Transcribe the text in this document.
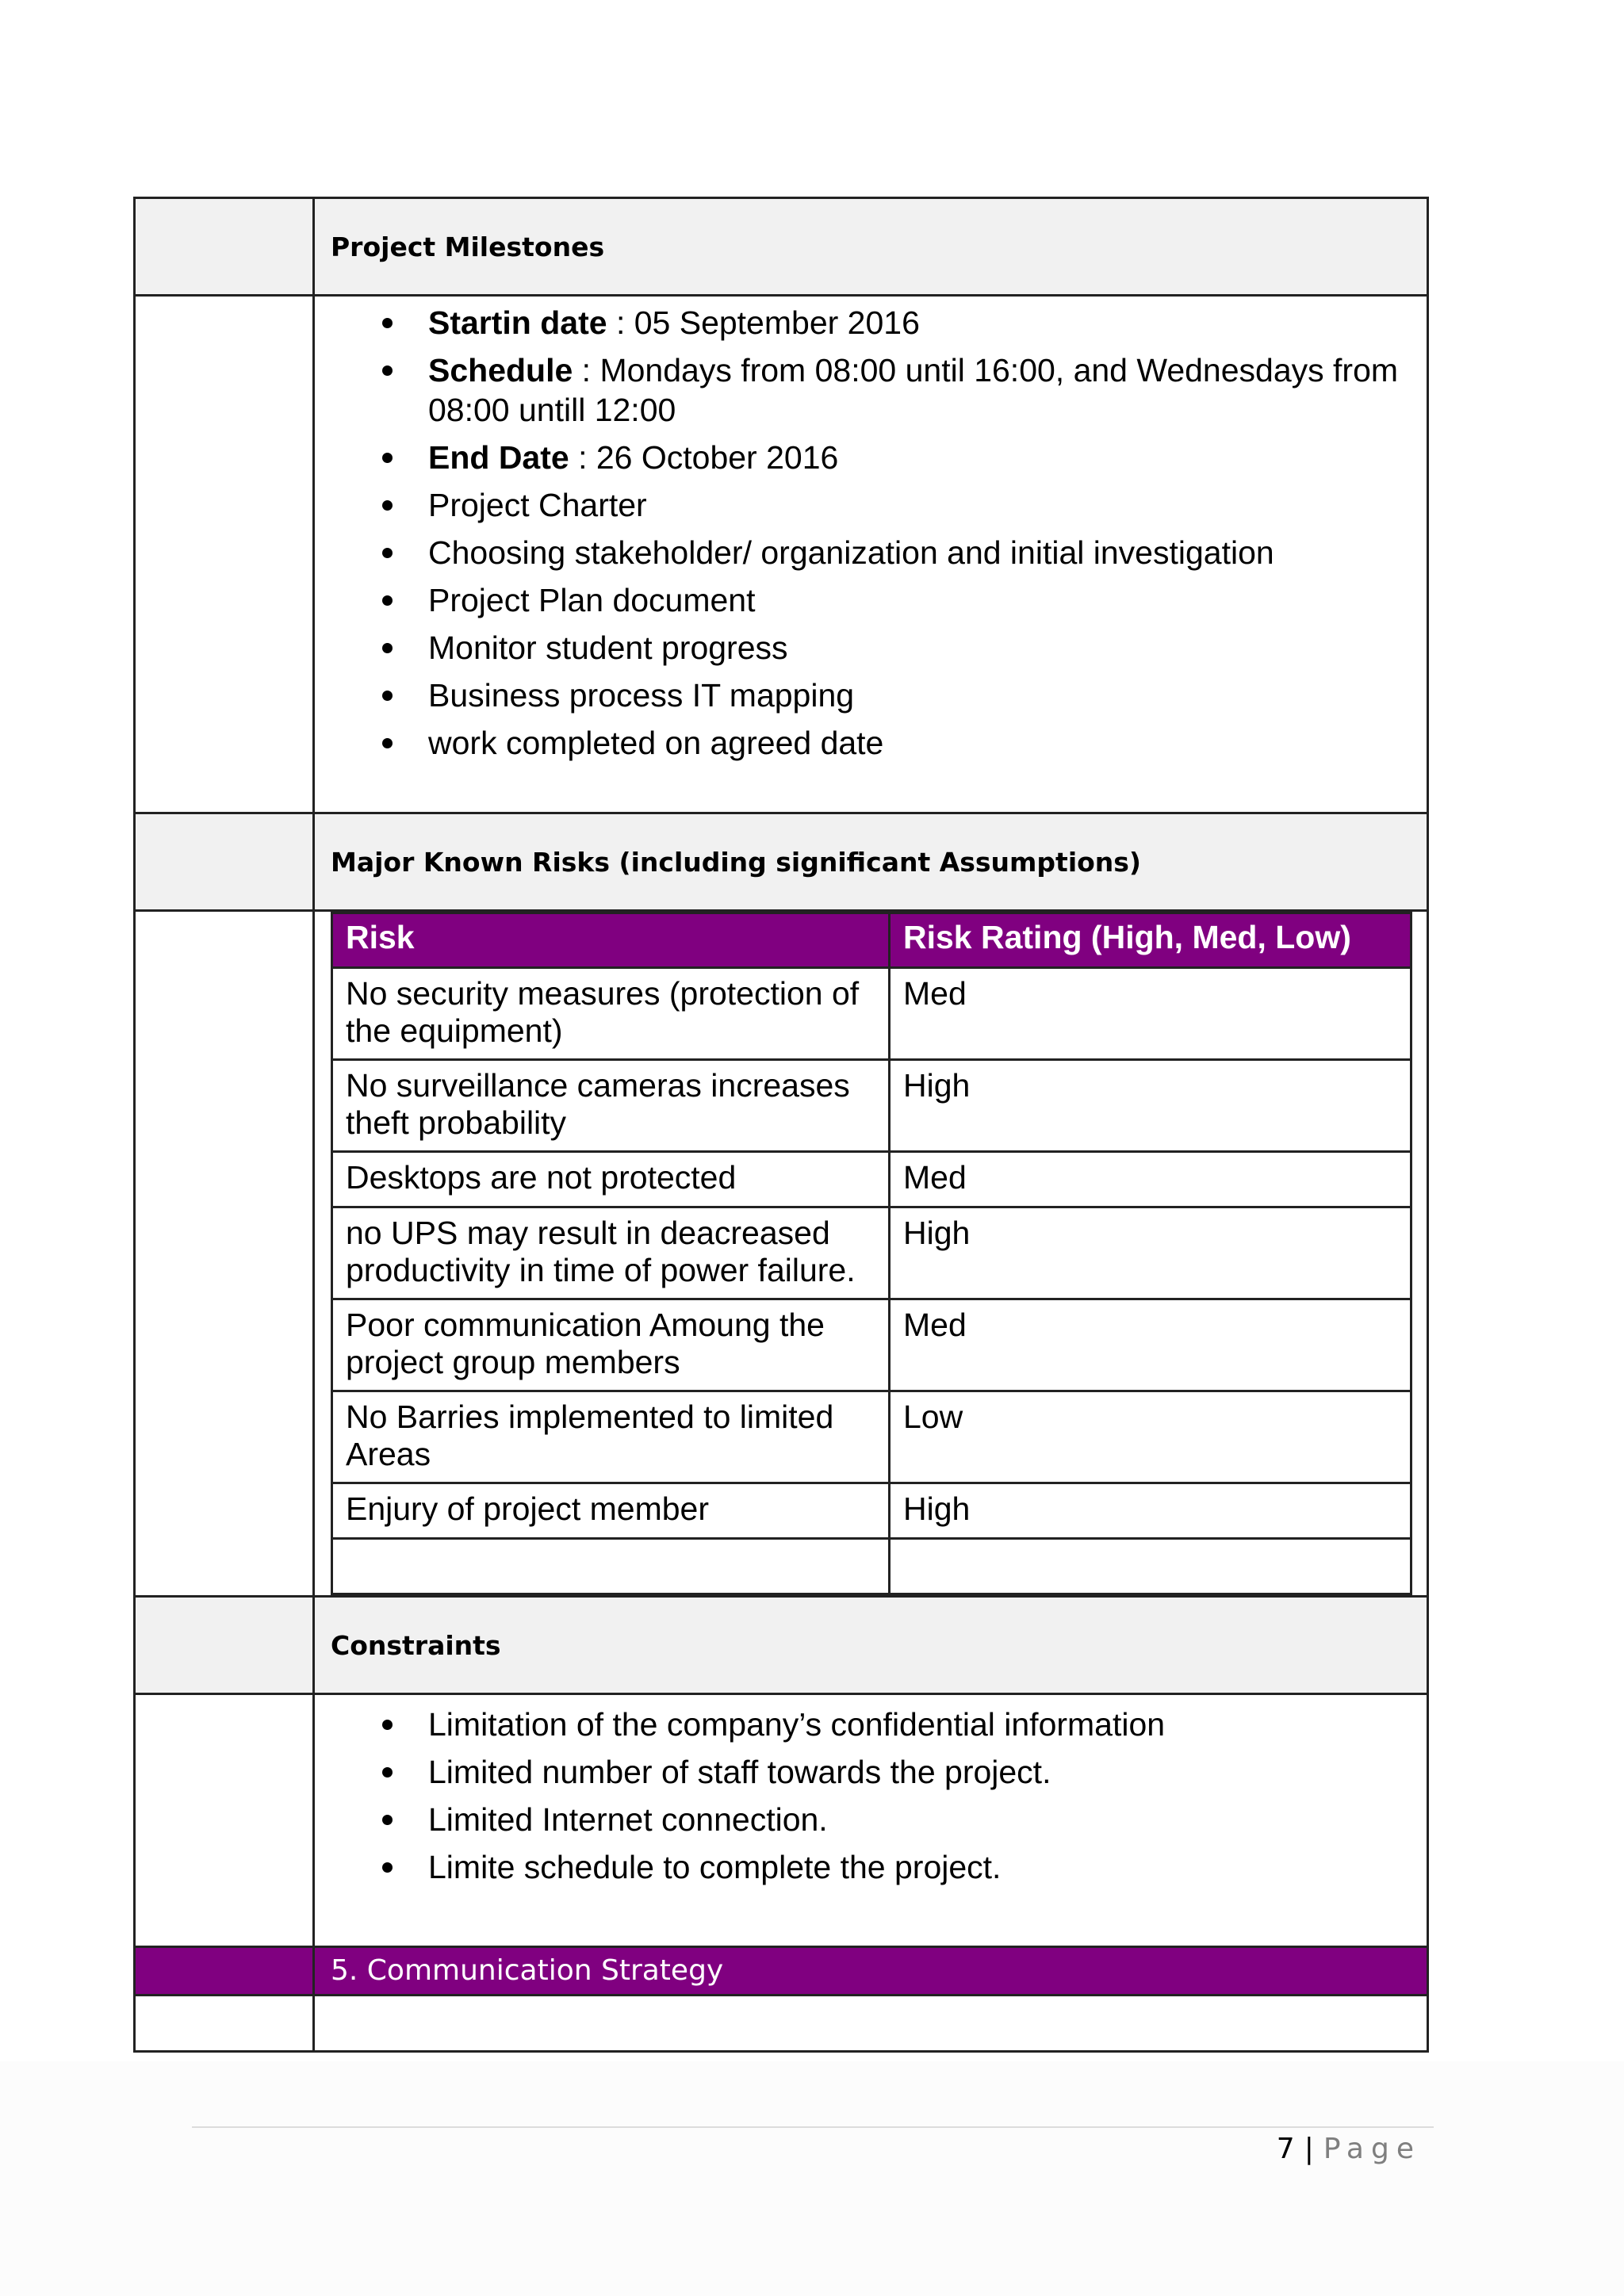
Project Milestones

Startin date : 05 September 2016
Schedule : Mondays from 08:00 until 16:00, and Wednesdays from 08:00 untill 12:00
End Date : 26 October 2016
Project Charter
Choosing stakeholder/ organization and initial investigation
Project Plan document
Monitor student progress
Business process IT mapping
work completed on agreed date

Major Known Risks (including significant Assumptions)

Risk	Risk Rating (High, Med, Low)
No security measures (protection of the equipment)	Med
No surveillance cameras increases theft probability	High
Desktops are not protected	Med
no UPS may result in deacreased productivity in time of power failure.	High
Poor communication Amoung the project group members	Med
No Barries implemented to limited Areas	Low
Enjury of project member	High

Constraints

Limitation of the company’s confidential information
Limited number of staff towards the project.
Limited Internet connection.
Limite schedule to complete the project.

5. Communication Strategy

7 | Page
